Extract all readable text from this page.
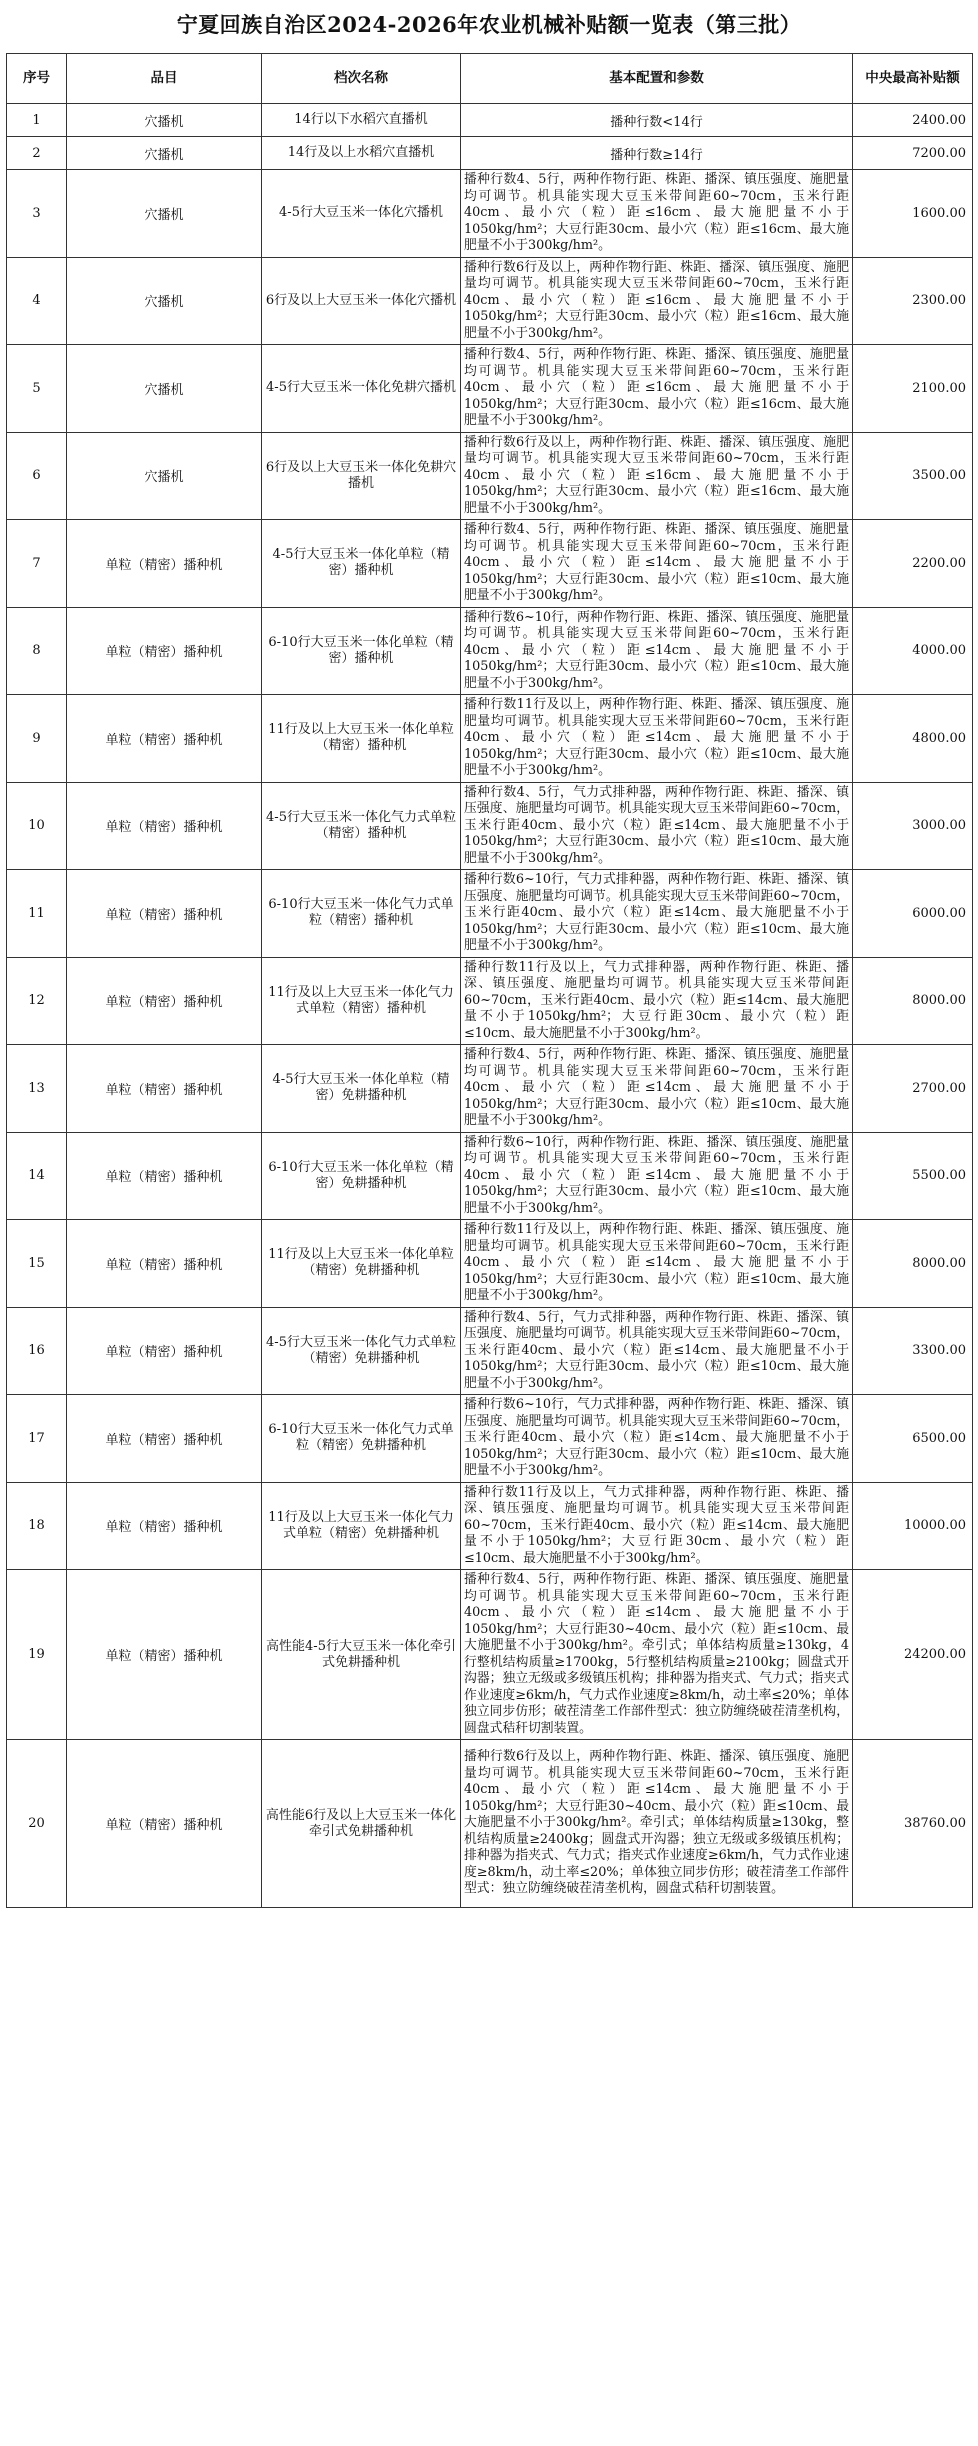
宁夏回族自治区2024-2026年农业机械补贴额一览表（第三批）
序号	品目	档次名称	基本配置和参数	中央最高补贴额
1	穴播机	14行以下水稻穴直播机	播种行数<14行	2400.00
2	穴播机	14行及以上水稻穴直播机	播种行数≥14行	7200.00
3	穴播机	4-5行大豆玉米一体化穴播机	播种行数4、5行，两种作物行距、株距、播深、镇压强度、施肥量均可调节。机具能实现大豆玉米带间距60~70cm，玉米行距40cm、最小穴（粒）距≤16cm、最大施肥量不小于1050kg/hm²；大豆行距30cm、最小穴（粒）距≤16cm、最大施肥量不小于300kg/hm²。	1600.00
4	穴播机	6行及以上大豆玉米一体化穴播机	播种行数6行及以上，两种作物行距、株距、播深、镇压强度、施肥量均可调节。机具能实现大豆玉米带间距60~70cm，玉米行距40cm、最小穴（粒）距≤16cm、最大施肥量不小于1050kg/hm²；大豆行距30cm、最小穴（粒）距≤16cm、最大施肥量不小于300kg/hm²。	2300.00
5	穴播机	4-5行大豆玉米一体化免耕穴播机	播种行数4、5行，两种作物行距、株距、播深、镇压强度、施肥量均可调节。机具能实现大豆玉米带间距60~70cm，玉米行距40cm、最小穴（粒）距≤16cm、最大施肥量不小于1050kg/hm²；大豆行距30cm、最小穴（粒）距≤16cm、最大施肥量不小于300kg/hm²。	2100.00
6	穴播机	6行及以上大豆玉米一体化免耕穴播机	播种行数6行及以上，两种作物行距、株距、播深、镇压强度、施肥量均可调节。机具能实现大豆玉米带间距60~70cm，玉米行距40cm、最小穴（粒）距≤16cm、最大施肥量不小于1050kg/hm²；大豆行距30cm、最小穴（粒）距≤16cm、最大施肥量不小于300kg/hm²。	3500.00
7	单粒（精密）播种机	4-5行大豆玉米一体化单粒（精密）播种机	播种行数4、5行，两种作物行距、株距、播深、镇压强度、施肥量均可调节。机具能实现大豆玉米带间距60~70cm，玉米行距40cm、最小穴（粒）距≤14cm、最大施肥量不小于1050kg/hm²；大豆行距30cm、最小穴（粒）距≤10cm、最大施肥量不小于300kg/hm²。	2200.00
8	单粒（精密）播种机	6-10行大豆玉米一体化单粒（精密）播种机	播种行数6~10行，两种作物行距、株距、播深、镇压强度、施肥量均可调节。机具能实现大豆玉米带间距60~70cm，玉米行距40cm、最小穴（粒）距≤14cm、最大施肥量不小于1050kg/hm²；大豆行距30cm、最小穴（粒）距≤10cm、最大施肥量不小于300kg/hm²。	4000.00
9	单粒（精密）播种机	11行及以上大豆玉米一体化单粒（精密）播种机	播种行数11行及以上，两种作物行距、株距、播深、镇压强度、施肥量均可调节。机具能实现大豆玉米带间距60~70cm，玉米行距40cm、最小穴（粒）距≤14cm、最大施肥量不小于1050kg/hm²；大豆行距30cm、最小穴（粒）距≤10cm、最大施肥量不小于300kg/hm²。	4800.00
10	单粒（精密）播种机	4-5行大豆玉米一体化气力式单粒（精密）播种机	播种行数4、5行，气力式排种器，两种作物行距、株距、播深、镇压强度、施肥量均可调节。机具能实现大豆玉米带间距60~70cm，玉米行距40cm、最小穴（粒）距≤14cm、最大施肥量不小于1050kg/hm²；大豆行距30cm、最小穴（粒）距≤10cm、最大施肥量不小于300kg/hm²。	3000.00
11	单粒（精密）播种机	6-10行大豆玉米一体化气力式单粒（精密）播种机	播种行数6~10行，气力式排种器，两种作物行距、株距、播深、镇压强度、施肥量均可调节。机具能实现大豆玉米带间距60~70cm，玉米行距40cm、最小穴（粒）距≤14cm、最大施肥量不小于1050kg/hm²；大豆行距30cm、最小穴（粒）距≤10cm、最大施肥量不小于300kg/hm²。	6000.00
12	单粒（精密）播种机	11行及以上大豆玉米一体化气力式单粒（精密）播种机	播种行数11行及以上，气力式排种器，两种作物行距、株距、播深、镇压强度、施肥量均可调节。机具能实现大豆玉米带间距60~70cm，玉米行距40cm、最小穴（粒）距≤14cm、最大施肥量不小于1050kg/hm²；大豆行距30cm、最小穴（粒）距≤10cm、最大施肥量不小于300kg/hm²。	8000.00
13	单粒（精密）播种机	4-5行大豆玉米一体化单粒（精密）免耕播种机	播种行数4、5行，两种作物行距、株距、播深、镇压强度、施肥量均可调节。机具能实现大豆玉米带间距60~70cm，玉米行距40cm、最小穴（粒）距≤14cm、最大施肥量不小于1050kg/hm²；大豆行距30cm、最小穴（粒）距≤10cm、最大施肥量不小于300kg/hm²。	2700.00
14	单粒（精密）播种机	6-10行大豆玉米一体化单粒（精密）免耕播种机	播种行数6~10行，两种作物行距、株距、播深、镇压强度、施肥量均可调节。机具能实现大豆玉米带间距60~70cm，玉米行距40cm、最小穴（粒）距≤14cm、最大施肥量不小于1050kg/hm²；大豆行距30cm、最小穴（粒）距≤10cm、最大施肥量不小于300kg/hm²。	5500.00
15	单粒（精密）播种机	11行及以上大豆玉米一体化单粒（精密）免耕播种机	播种行数11行及以上，两种作物行距、株距、播深、镇压强度、施肥量均可调节。机具能实现大豆玉米带间距60~70cm，玉米行距40cm、最小穴（粒）距≤14cm、最大施肥量不小于1050kg/hm²；大豆行距30cm、最小穴（粒）距≤10cm、最大施肥量不小于300kg/hm²。	8000.00
16	单粒（精密）播种机	4-5行大豆玉米一体化气力式单粒（精密）免耕播种机	播种行数4、5行，气力式排种器，两种作物行距、株距、播深、镇压强度、施肥量均可调节。机具能实现大豆玉米带间距60~70cm，玉米行距40cm、最小穴（粒）距≤14cm、最大施肥量不小于1050kg/hm²；大豆行距30cm、最小穴（粒）距≤10cm、最大施肥量不小于300kg/hm²。	3300.00
17	单粒（精密）播种机	6-10行大豆玉米一体化气力式单粒（精密）免耕播种机	播种行数6~10行，气力式排种器，两种作物行距、株距、播深、镇压强度、施肥量均可调节。机具能实现大豆玉米带间距60~70cm，玉米行距40cm、最小穴（粒）距≤14cm、最大施肥量不小于1050kg/hm²；大豆行距30cm、最小穴（粒）距≤10cm、最大施肥量不小于300kg/hm²。	6500.00
18	单粒（精密）播种机	11行及以上大豆玉米一体化气力式单粒（精密）免耕播种机	播种行数11行及以上，气力式排种器，两种作物行距、株距、播深、镇压强度、施肥量均可调节。机具能实现大豆玉米带间距60~70cm，玉米行距40cm、最小穴（粒）距≤14cm、最大施肥量不小于1050kg/hm²；大豆行距30cm、最小穴（粒）距≤10cm、最大施肥量不小于300kg/hm²。	10000.00
19	单粒（精密）播种机	高性能4-5行大豆玉米一体化牵引式免耕播种机	播种行数4、5行，两种作物行距、株距、播深、镇压强度、施肥量均可调节。机具能实现大豆玉米带间距60~70cm，玉米行距40cm、最小穴（粒）距≤14cm、最大施肥量不小于1050kg/hm²；大豆行距30~40cm、最小穴（粒）距≤10cm、最大施肥量不小于300kg/hm²。牵引式；单体结构质量≥130kg，4行整机结构质量≥1700kg，5行整机结构质量≥2100kg；圆盘式开沟器；独立无级或多级镇压机构；排种器为指夹式、气力式；指夹式作业速度≥6km/h，气力式作业速度≥8km/h，动土率≤20%；单体独立同步仿形；破茬清垄工作部件型式：独立防缠绕破茬清垄机构，圆盘式秸秆切割装置。	24200.00
20	单粒（精密）播种机	高性能6行及以上大豆玉米一体化牵引式免耕播种机	播种行数6行及以上，两种作物行距、株距、播深、镇压强度、施肥量均可调节。机具能实现大豆玉米带间距60~70cm，玉米行距40cm、最小穴（粒）距≤14cm、最大施肥量不小于1050kg/hm²；大豆行距30~40cm、最小穴（粒）距≤10cm、最大施肥量不小于300kg/hm²。牵引式；单体结构质量≥130kg，整机结构质量≥2400kg；圆盘式开沟器；独立无级或多级镇压机构；排种器为指夹式、气力式；指夹式作业速度≥6km/h，气力式作业速度≥8km/h，动土率≤20%；单体独立同步仿形；破茬清垄工作部件型式：独立防缠绕破茬清垄机构，圆盘式秸秆切割装置。	38760.00
